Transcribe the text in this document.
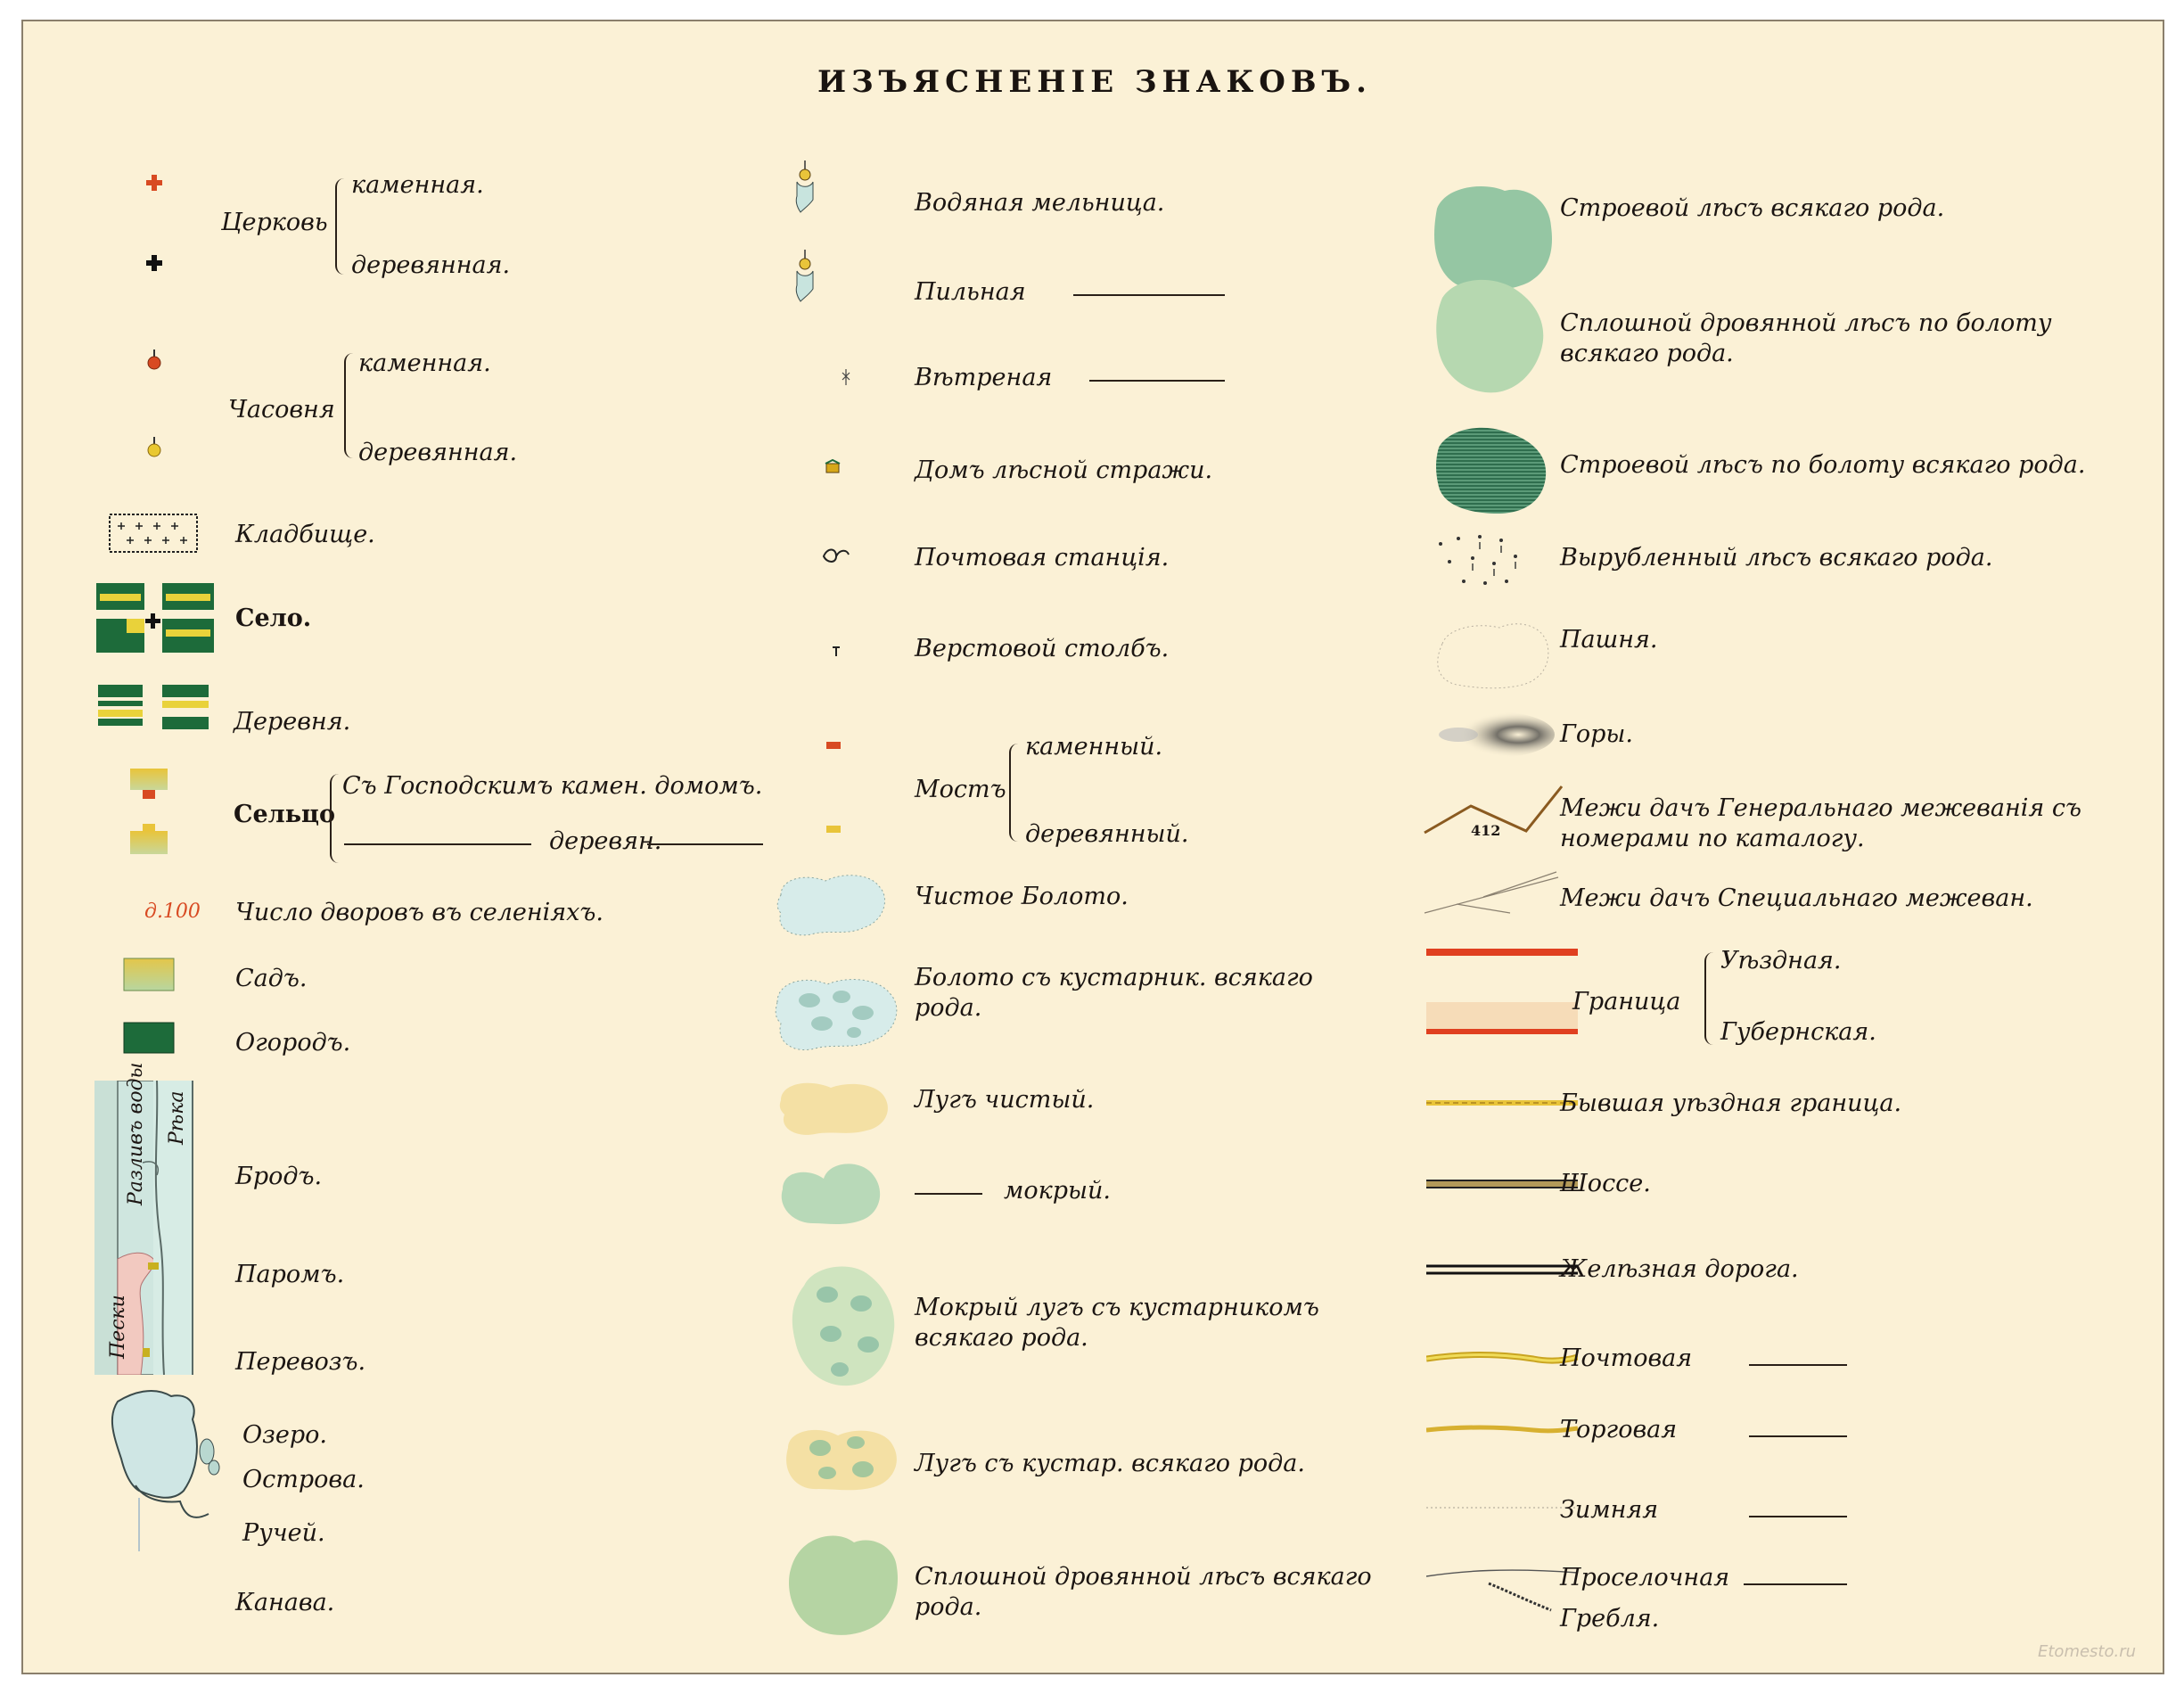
ИЗЪЯСНЕНІЕ ЗНАКОВЪ.
Церковь
каменная.
деревянная.
Часовня
каменная.
деревянная.
Кладбище.
Село.
Деревня.
Сельцо
Съ Господскимъ камен. домомъ.
деревян.
д.100 Число дворовъ въ селеніяхъ.
Садъ.
Огородъ.
Разливъ воды Рѣка
Пески
Бродъ.
Паромъ.
Перевозъ.
Озеро.
Острова.
Ручей.
Канава.
Водяная мельница.
Пильная
Вѣтреная
Домъ лѣсной стражи.
Почтовая станція.
Верстовой столбъ.
Мостъ
каменный.
деревянный.
Чистое Болото.
Болото съ кустарник. всякаго рода.
Лугъ чистый.
мокрый.
Мокрый лугъ съ кустарникомъ всякаго рода.
Лугъ съ кустар. всякаго рода.
Сплошной дровянной лѣсъ всякаго рода.
Строевой лѣсъ всякаго рода.
Сплошной дровянной лѣсъ по болоту всякаго рода.
Строевой лѣсъ по болоту всякаго рода.
Вырубленный лѣсъ всякаго рода.
Пашня.
Горы.
412
Межи дачъ Генеральнаго межеванія съ номерами по каталогу.
Межи дачъ Специальнаго межеван.
Граница
Уѣздная.
Губернская.
Бывшая уѣздная граница.
Шоссе.
Желѣзная дорога.
Почтовая
Торговая
Зимняя
Проселочная
Гребля.
Etomesto.ru
